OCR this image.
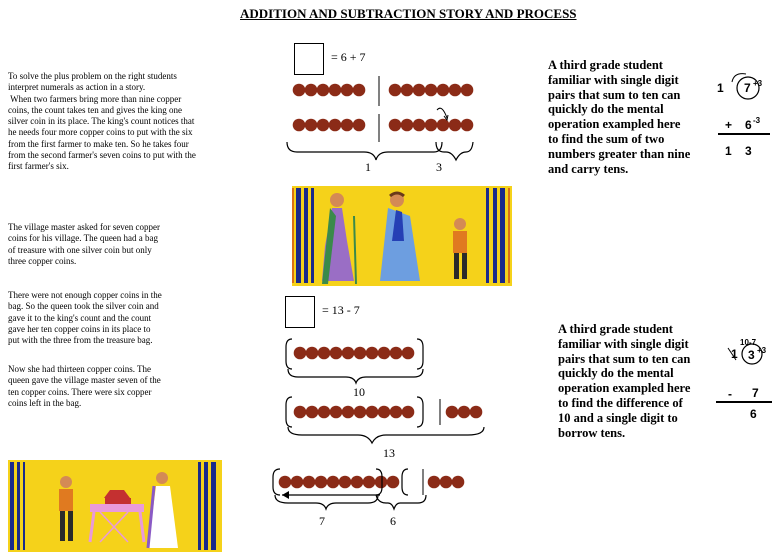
ADDITION AND SUBTRACTION STORY AND PROCESS
To solve the plus problem on the right students
interpret numerals as action in a story.
When two farmers bring more than nine copper
coins, the count takes ten and gives the king one
silver coin in its place. The king's count notices that
he needs four more copper coins to put with the six
from the first farmer to make ten. So he takes four
from the second farmer's seven coins to put with the
first farmer's six.
The village master asked for seven copper
coins for his village. The queen had a bag
of treasure with one silver coin but only
three copper coins.
There were not enough copper coins in the
bag. So the queen took the silver coin and
gave it to the king's count and the count
gave her ten copper coins in its place to
put with the three from the treasure bag.
Now she had thirteen copper coins. The
queen gave the village master seven of the
ten copper coins. There were six copper
coins left in the bag.
= 6 + 7
1	3
= 13 - 7
10
13
7	6
A third grade student
familiar with single digit
pairs that sum to ten can
quickly do the mental
operation exampled here
to find the sum of two
numbers greater than nine
and carry tens.
1 7 +3
+ 6 -3
1 3
A third grade student
familiar with single digit
pairs that sum to ten can
quickly do the mental
operation exampled here
to find the difference of
10 and a single digit to
borrow tens.
10-7
1 3 +3
- 7
6
